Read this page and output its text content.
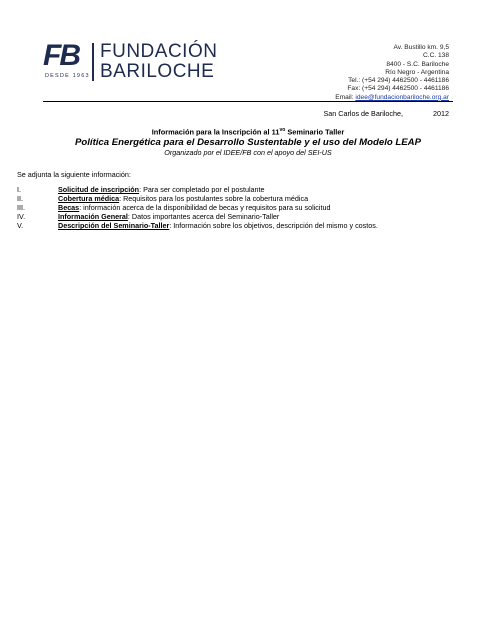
FB
DESDE 1963
FUNDACIÓN
BARILOCHE
Av. Bustillo km. 9,5
C.C. 138
8400 - S.C. Bariloche
Río Negro - Argentina
Tel.: (+54 294) 4462500 - 4461186
Fax: (+54 294) 4462500 - 4461186
Email: idee@fundacionbariloche.org.ar
San Carlos de Bariloche,	2012
Información para la Inscripción al $11^{vo}$ Seminario Taller
Política Energética para el Desarrollo Sustentable y el uso del Modelo LEAP
Organizado por el IDEE/FB con el apoyo del SEI-US
Se adjunta la siguiente información:
I.	Solicitud de inscripción: Para ser completado por el postulante
II.	Cobertura médica: Requisitos para los postulantes sobre la cobertura médica
III.	Becas: información acerca de la disponibilidad de becas y requisitos para su solicitud
IV.	Información General: Datos importantes acerca del Seminario-Taller
V.	Descripción del Seminario-Taller: Información sobre los objetivos, descripción del mismo y costos.
